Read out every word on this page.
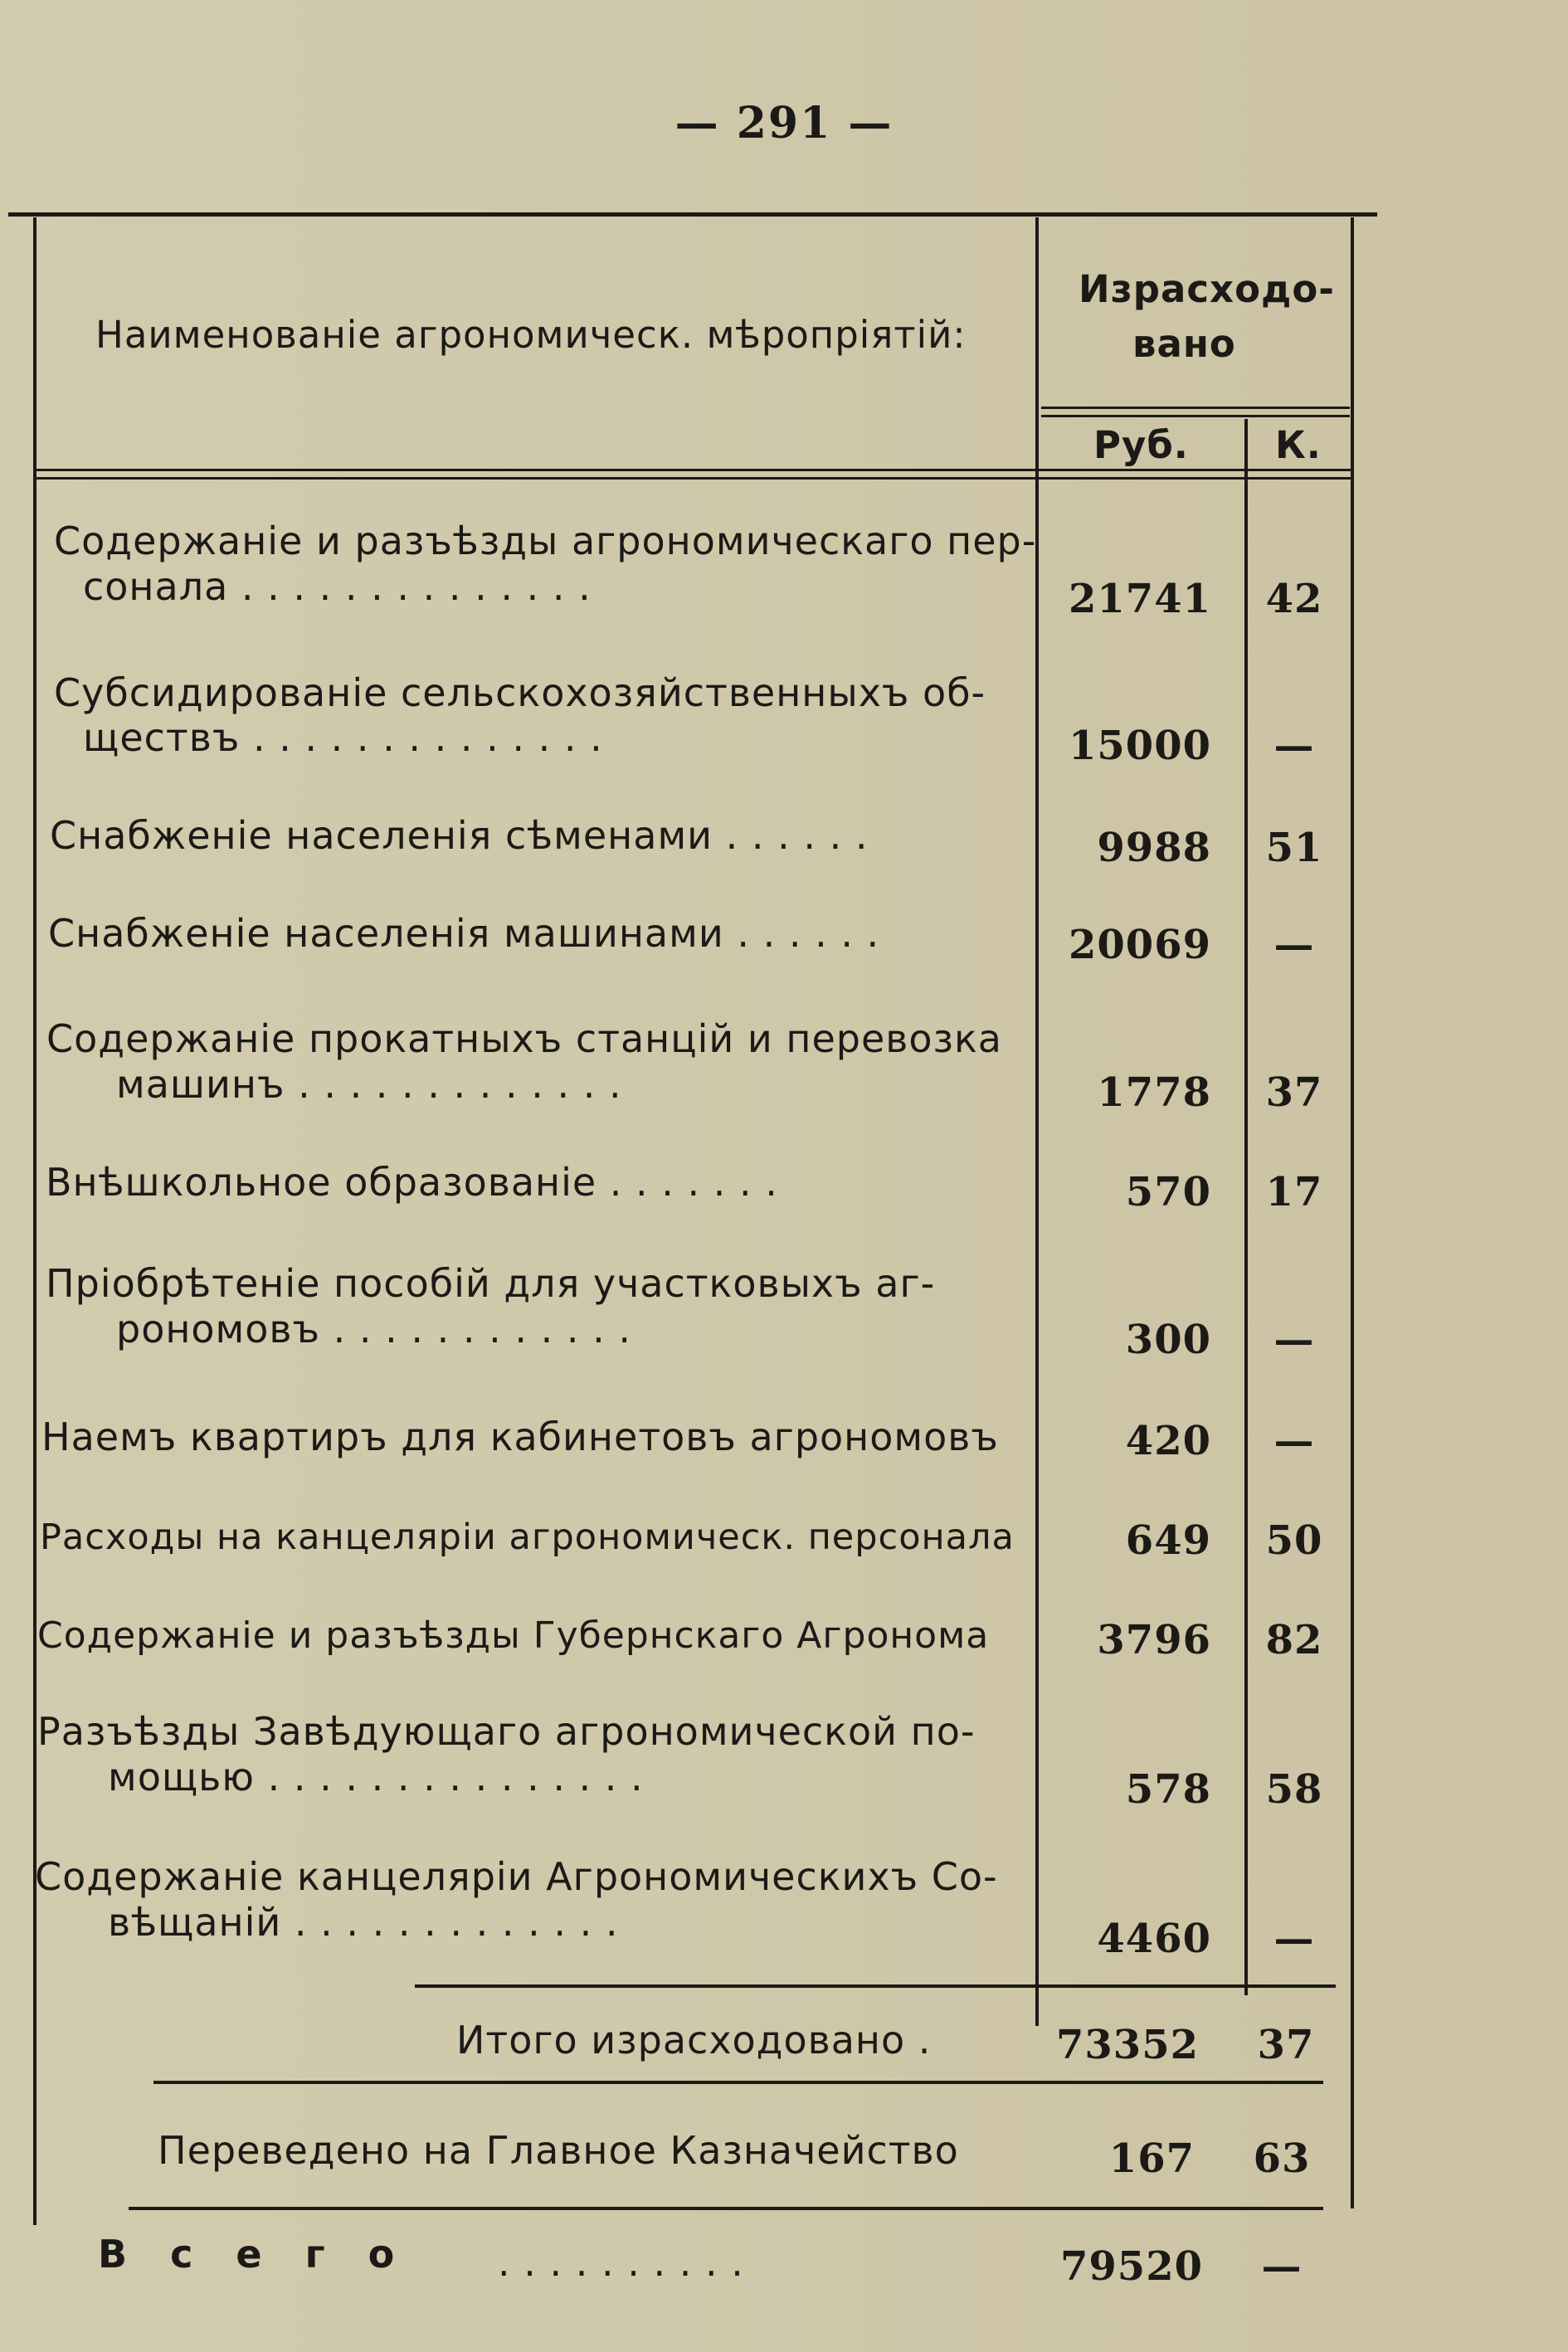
— 291 —
Наименованіе агрономическ. мѣропріятій:
Израсходо-
вано
Руб. К.
Содержаніе и разъѣзды агрономическаго пер-
сонала . . . . . . . . . . . . . .	21741	42
Субсидированіе сельскохозяйственныхъ об-
ществъ . . . . . . . . . . . . . .	15000	—
Снабженіе населенія сѣменами . . . . . .	9988	51
Снабженіе населенія машинами . . . . . .	20069	—
Содержаніе прокатныхъ станцій и перевозка
машинъ . . . . . . . . . . . . .	1778	37
Внѣшкольное образованіе . . . . . . .	570	17
Пріобрѣтеніе пособій для участковыхъ аг-
рономовъ . . . . . . . . . . . .	300	—
Наемъ квартиръ для кабинетовъ агрономовъ	420	—
Расходы на канцеляріи агрономическ. персонала	649	50
Содержаніе и разъѣзды Губернскаго Агронома	3796	82
Разъѣзды Завѣдующаго агрономической по-
мощью . . . . . . . . . . . . . . .	578	58
Содержаніе канцеляріи Агрономическихъ Со-
вѣщаній . . . . . . . . . . . . .	4460	—
Итого израсходовано .	73352	37
Переведено на Главное Казначейство	167	63
В с е г о . . . . . . . . . .	79520	—
